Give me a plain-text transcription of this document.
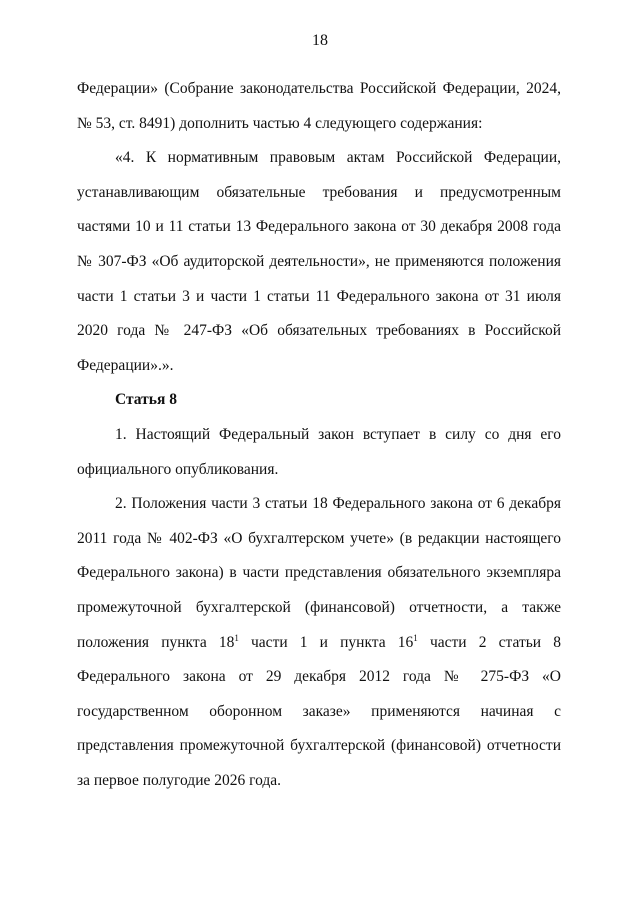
18

Федерации» (Собрание законодательства Российской Федерации, 2024, № 53, ст. 8491) дополнить частью 4 следующего содержания:

«4. К нормативным правовым актам Российской Федерации, устанавливающим обязательные требования и предусмотренным частями 10 и 11 статьи 13 Федерального закона от 30 декабря 2008 года № 307-ФЗ «Об аудиторской деятельности», не применяются положения части 1 статьи 3 и части 1 статьи 11 Федерального закона от 31 июля 2020 года № 247-ФЗ «Об обязательных требованиях в Российской Федерации».».

Статья 8

1. Настоящий Федеральный закон вступает в силу со дня его официального опубликования.

2. Положения части 3 статьи 18 Федерального закона от 6 декабря 2011 года № 402-ФЗ «О бухгалтерском учете» (в редакции настоящего Федерального закона) в части представления обязательного экземпляра промежуточной бухгалтерской (финансовой) отчетности, а также положения пункта $18^1$ части 1 и пункта $16^1$ части 2 статьи 8 Федерального закона от 29 декабря 2012 года № 275-ФЗ «О государственном оборонном заказе» применяются начиная с представления промежуточной бухгалтерской (финансовой) отчетности за первое полугодие 2026 года.
